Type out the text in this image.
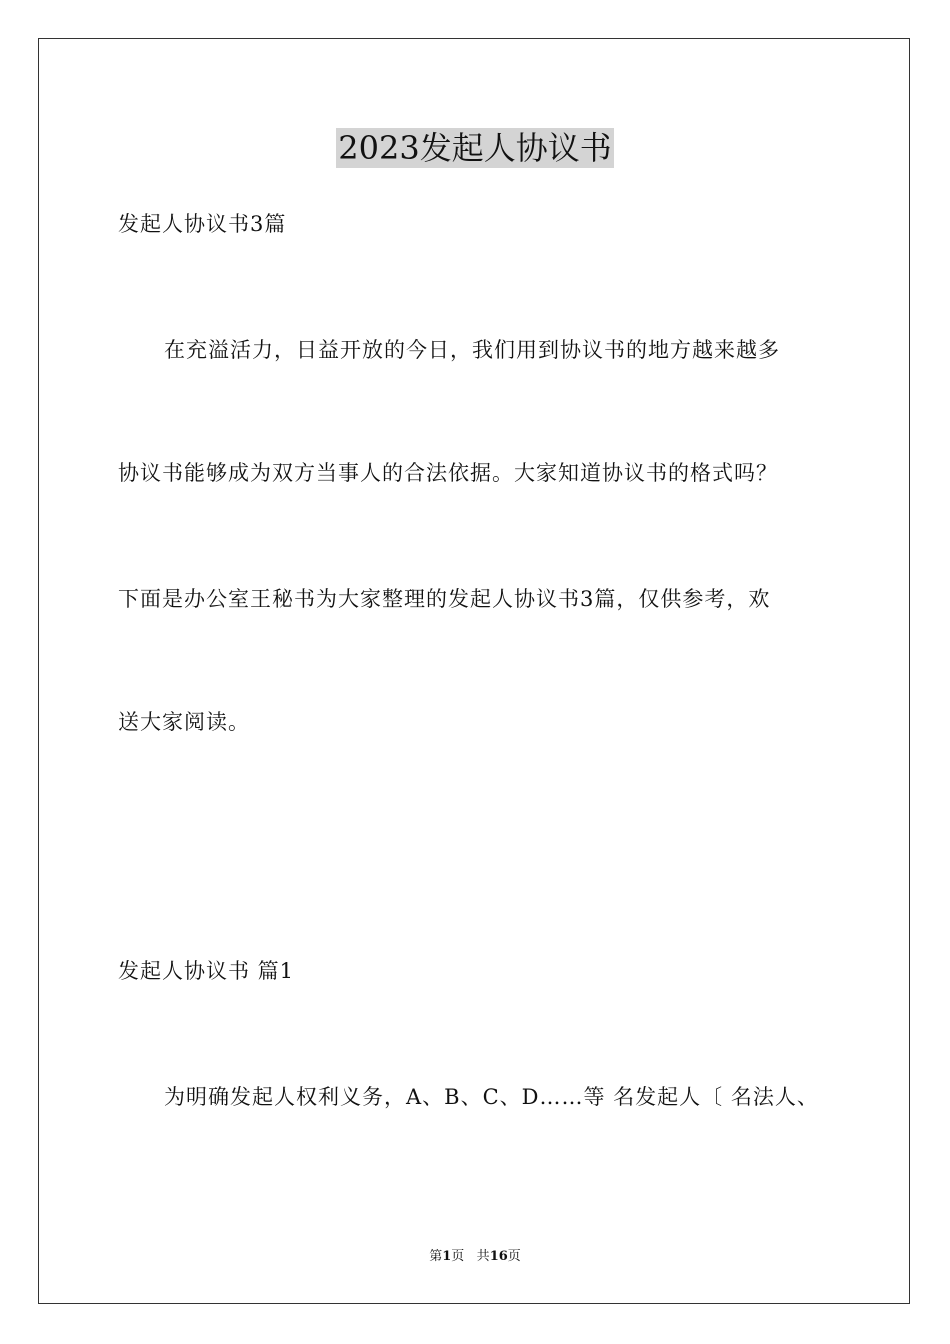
2023发起人协议书
发起人协议书3篇
在充溢活力，日益开放的今日，我们用到协议书的地方越来越多
协议书能够成为双方当事人的合法依据。大家知道协议书的格式吗？
下面是办公室王秘书为大家整理的发起人协议书3篇，仅供参考，欢
送大家阅读。
发起人协议书 篇1
为明确发起人权利义务，A、B、C、D……等 名发起人〔 名法人、
第1页 共16页
